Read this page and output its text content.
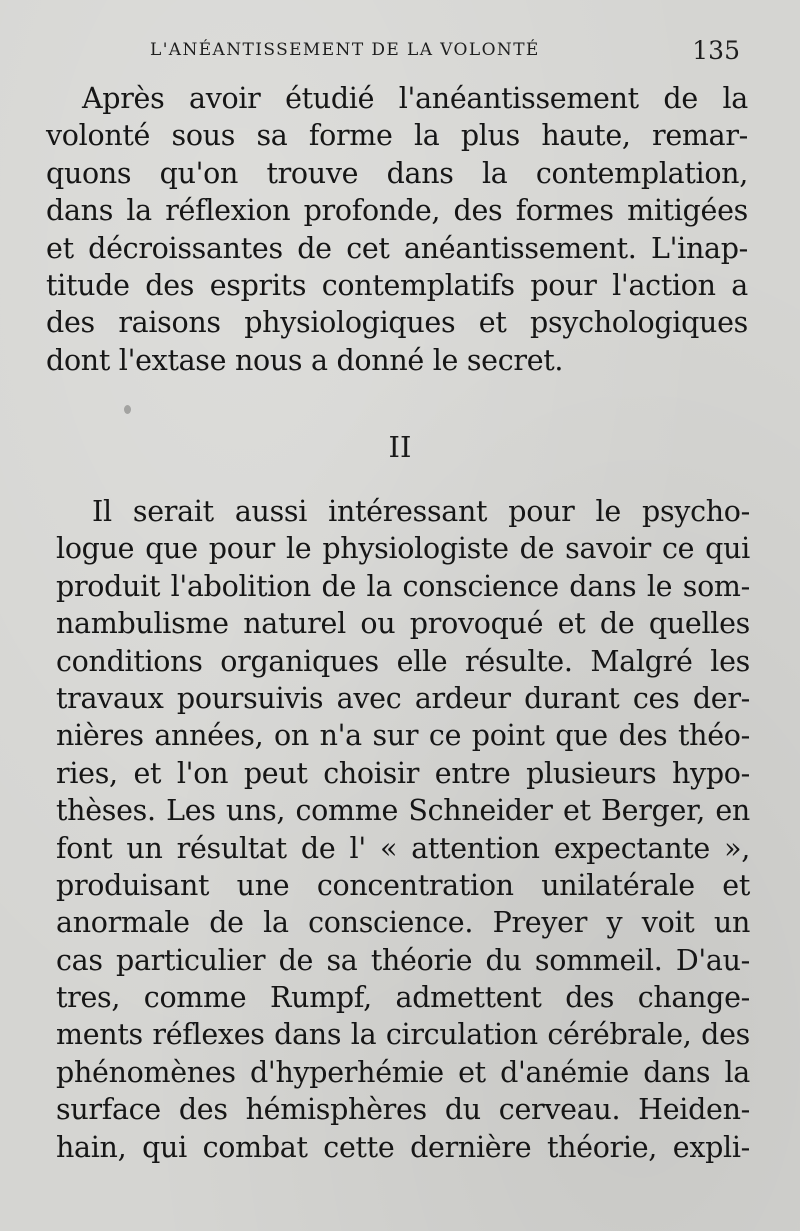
L'ANÉANTISSEMENT DE LA VOLONTÉ	135
Après avoir étudié l'anéantissement de la
volonté sous sa forme la plus haute, remar-
quons qu'on trouve dans la contemplation,
dans la réflexion profonde, des formes mitigées
et décroissantes de cet anéantissement. L'inap-
titude des esprits contemplatifs pour l'action a
des raisons physiologiques et psychologiques
dont l'extase nous a donné le secret.
II
Il serait aussi intéressant pour le psycho-
logue que pour le physiologiste de savoir ce qui
produit l'abolition de la conscience dans le som-
nambulisme naturel ou provoqué et de quelles
conditions organiques elle résulte. Malgré les
travaux poursuivis avec ardeur durant ces der-
nières années, on n'a sur ce point que des théo-
ries, et l'on peut choisir entre plusieurs hypo-
thèses. Les uns, comme Schneider et Berger, en
font un résultat de l' « attention expectante »,
produisant une concentration unilatérale et
anormale de la conscience. Preyer y voit un
cas particulier de sa théorie du sommeil. D'au-
tres, comme Rumpf, admettent des change-
ments réflexes dans la circulation cérébrale, des
phénomènes d'hyperhémie et d'anémie dans la
surface des hémisphères du cerveau. Heiden-
hain, qui combat cette dernière théorie, expli-
